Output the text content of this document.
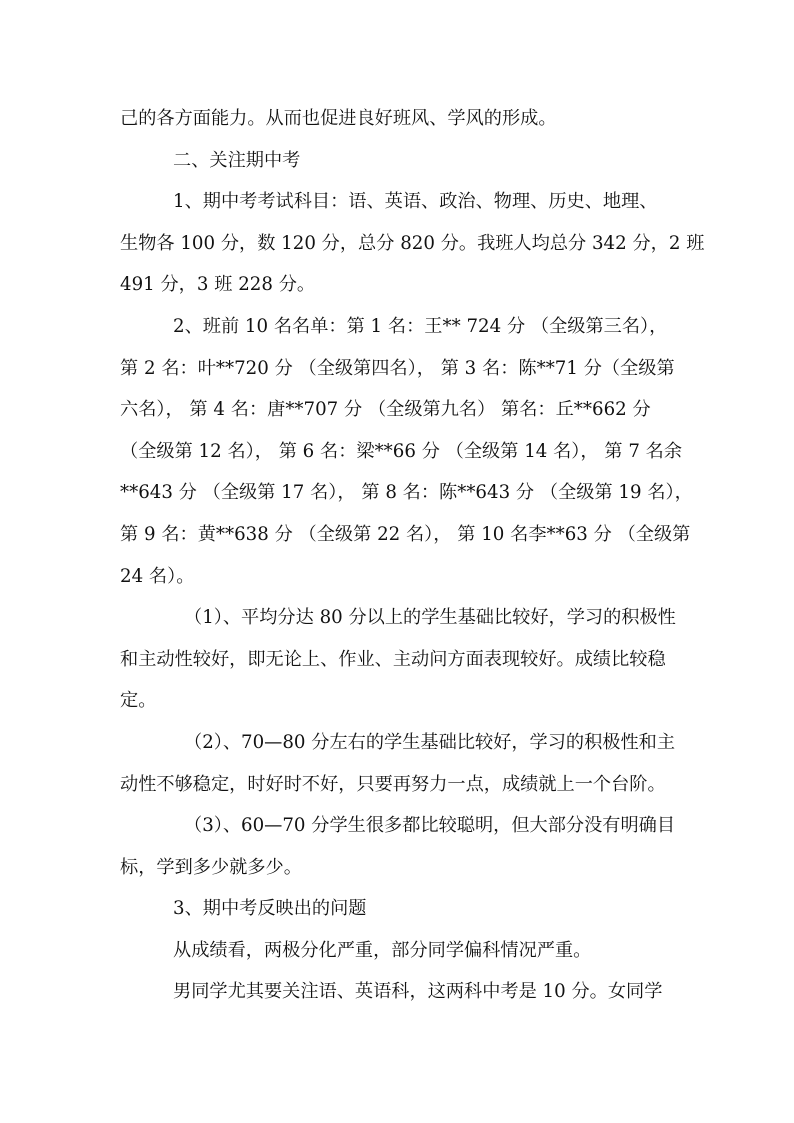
己的各方面能力。从而也促进良好班风、学风的形成。

二、关注期中考

1、期中考考试科目：语、英语、政治、物理、历史、地理、
生物各 100 分，数 120 分，总分 820 分。我班人均总分 342 分，2 班
491 分，3 班 228 分。

2、班前 10 名名单：第 1 名：王** 724 分 （全级第三名），
第 2 名：叶**720 分 （全级第四名）， 第 3 名：陈**71 分（全级第
六名）， 第 4 名：唐**707 分 （全级第九名） 第名：丘**662 分
（全级第 12 名）， 第 6 名：梁**66 分 （全级第 14 名）， 第 7 名余
**643 分 （全级第 17 名）， 第 8 名：陈**643 分 （全级第 19 名），
第 9 名：黄**638 分 （全级第 22 名）， 第 10 名李**63 分 （全级第
24 名）。

（1）、平均分达 80 分以上的学生基础比较好，学习的积极性
和主动性较好，即无论上、作业、主动问方面表现较好。成绩比较稳
定。

（2）、70—80 分左右的学生基础比较好，学习的积极性和主
动性不够稳定，时好时不好，只要再努力一点，成绩就上一个台阶。

（3）、60—70 分学生很多都比较聪明，但大部分没有明确目
标，学到多少就多少。

3、期中考反映出的问题

从成绩看，两极分化严重，部分同学偏科情况严重。

男同学尤其要关注语、英语科，这两科中考是 10 分。女同学
